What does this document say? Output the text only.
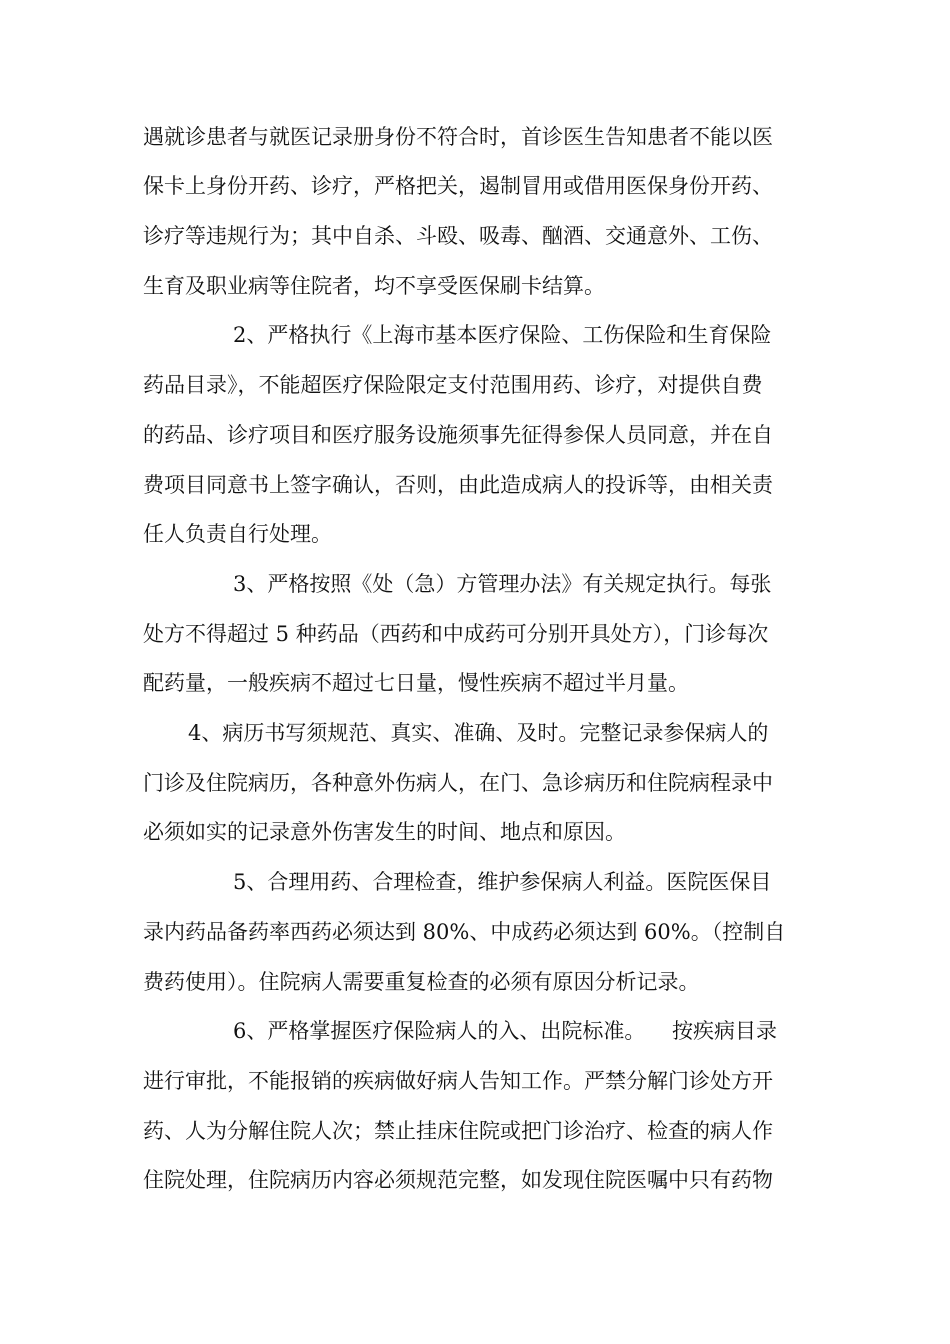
遇就诊患者与就医记录册身份不符合时，首诊医生告知患者不能以医
保卡上身份开药、诊疗，严格把关，遏制冒用或借用医保身份开药、
诊疗等违规行为；其中自杀、斗殴、吸毒、酗酒、交通意外、工伤、
生育及职业病等住院者，均不享受医保刷卡结算。
2、严格执行《上海市基本医疗保险、工伤保险和生育保险
药品目录》，不能超医疗保险限定支付范围用药、诊疗，对提供自费
的药品、诊疗项目和医疗服务设施须事先征得参保人员同意，并在自
费项目同意书上签字确认，否则，由此造成病人的投诉等，由相关责
任人负责自行处理。
3、严格按照《处（急）方管理办法》有关规定执行。每张
处方不得超过 5 种药品（西药和中成药可分别开具处方），门诊每次
配药量，一般疾病不超过七日量，慢性疾病不超过半月量。
4、病历书写须规范、真实、准确、及时。完整记录参保病人的
门诊及住院病历，各种意外伤病人，在门、急诊病历和住院病程录中
必须如实的记录意外伤害发生的时间、地点和原因。
5、合理用药、合理检查，维护参保病人利益。医院医保目
录内药品备药率西药必须达到 80%、中成药必须达到 60%。（控制自
费药使用）。住院病人需要重复检查的必须有原因分析记录。
6、严格掌握医疗保险病人的入、出院标准。    按疾病目录
进行审批，不能报销的疾病做好病人告知工作。严禁分解门诊处方开
药、人为分解住院人次；禁止挂床住院或把门诊治疗、检查的病人作
住院处理，住院病历内容必须规范完整，如发现住院医嘱中只有药物
